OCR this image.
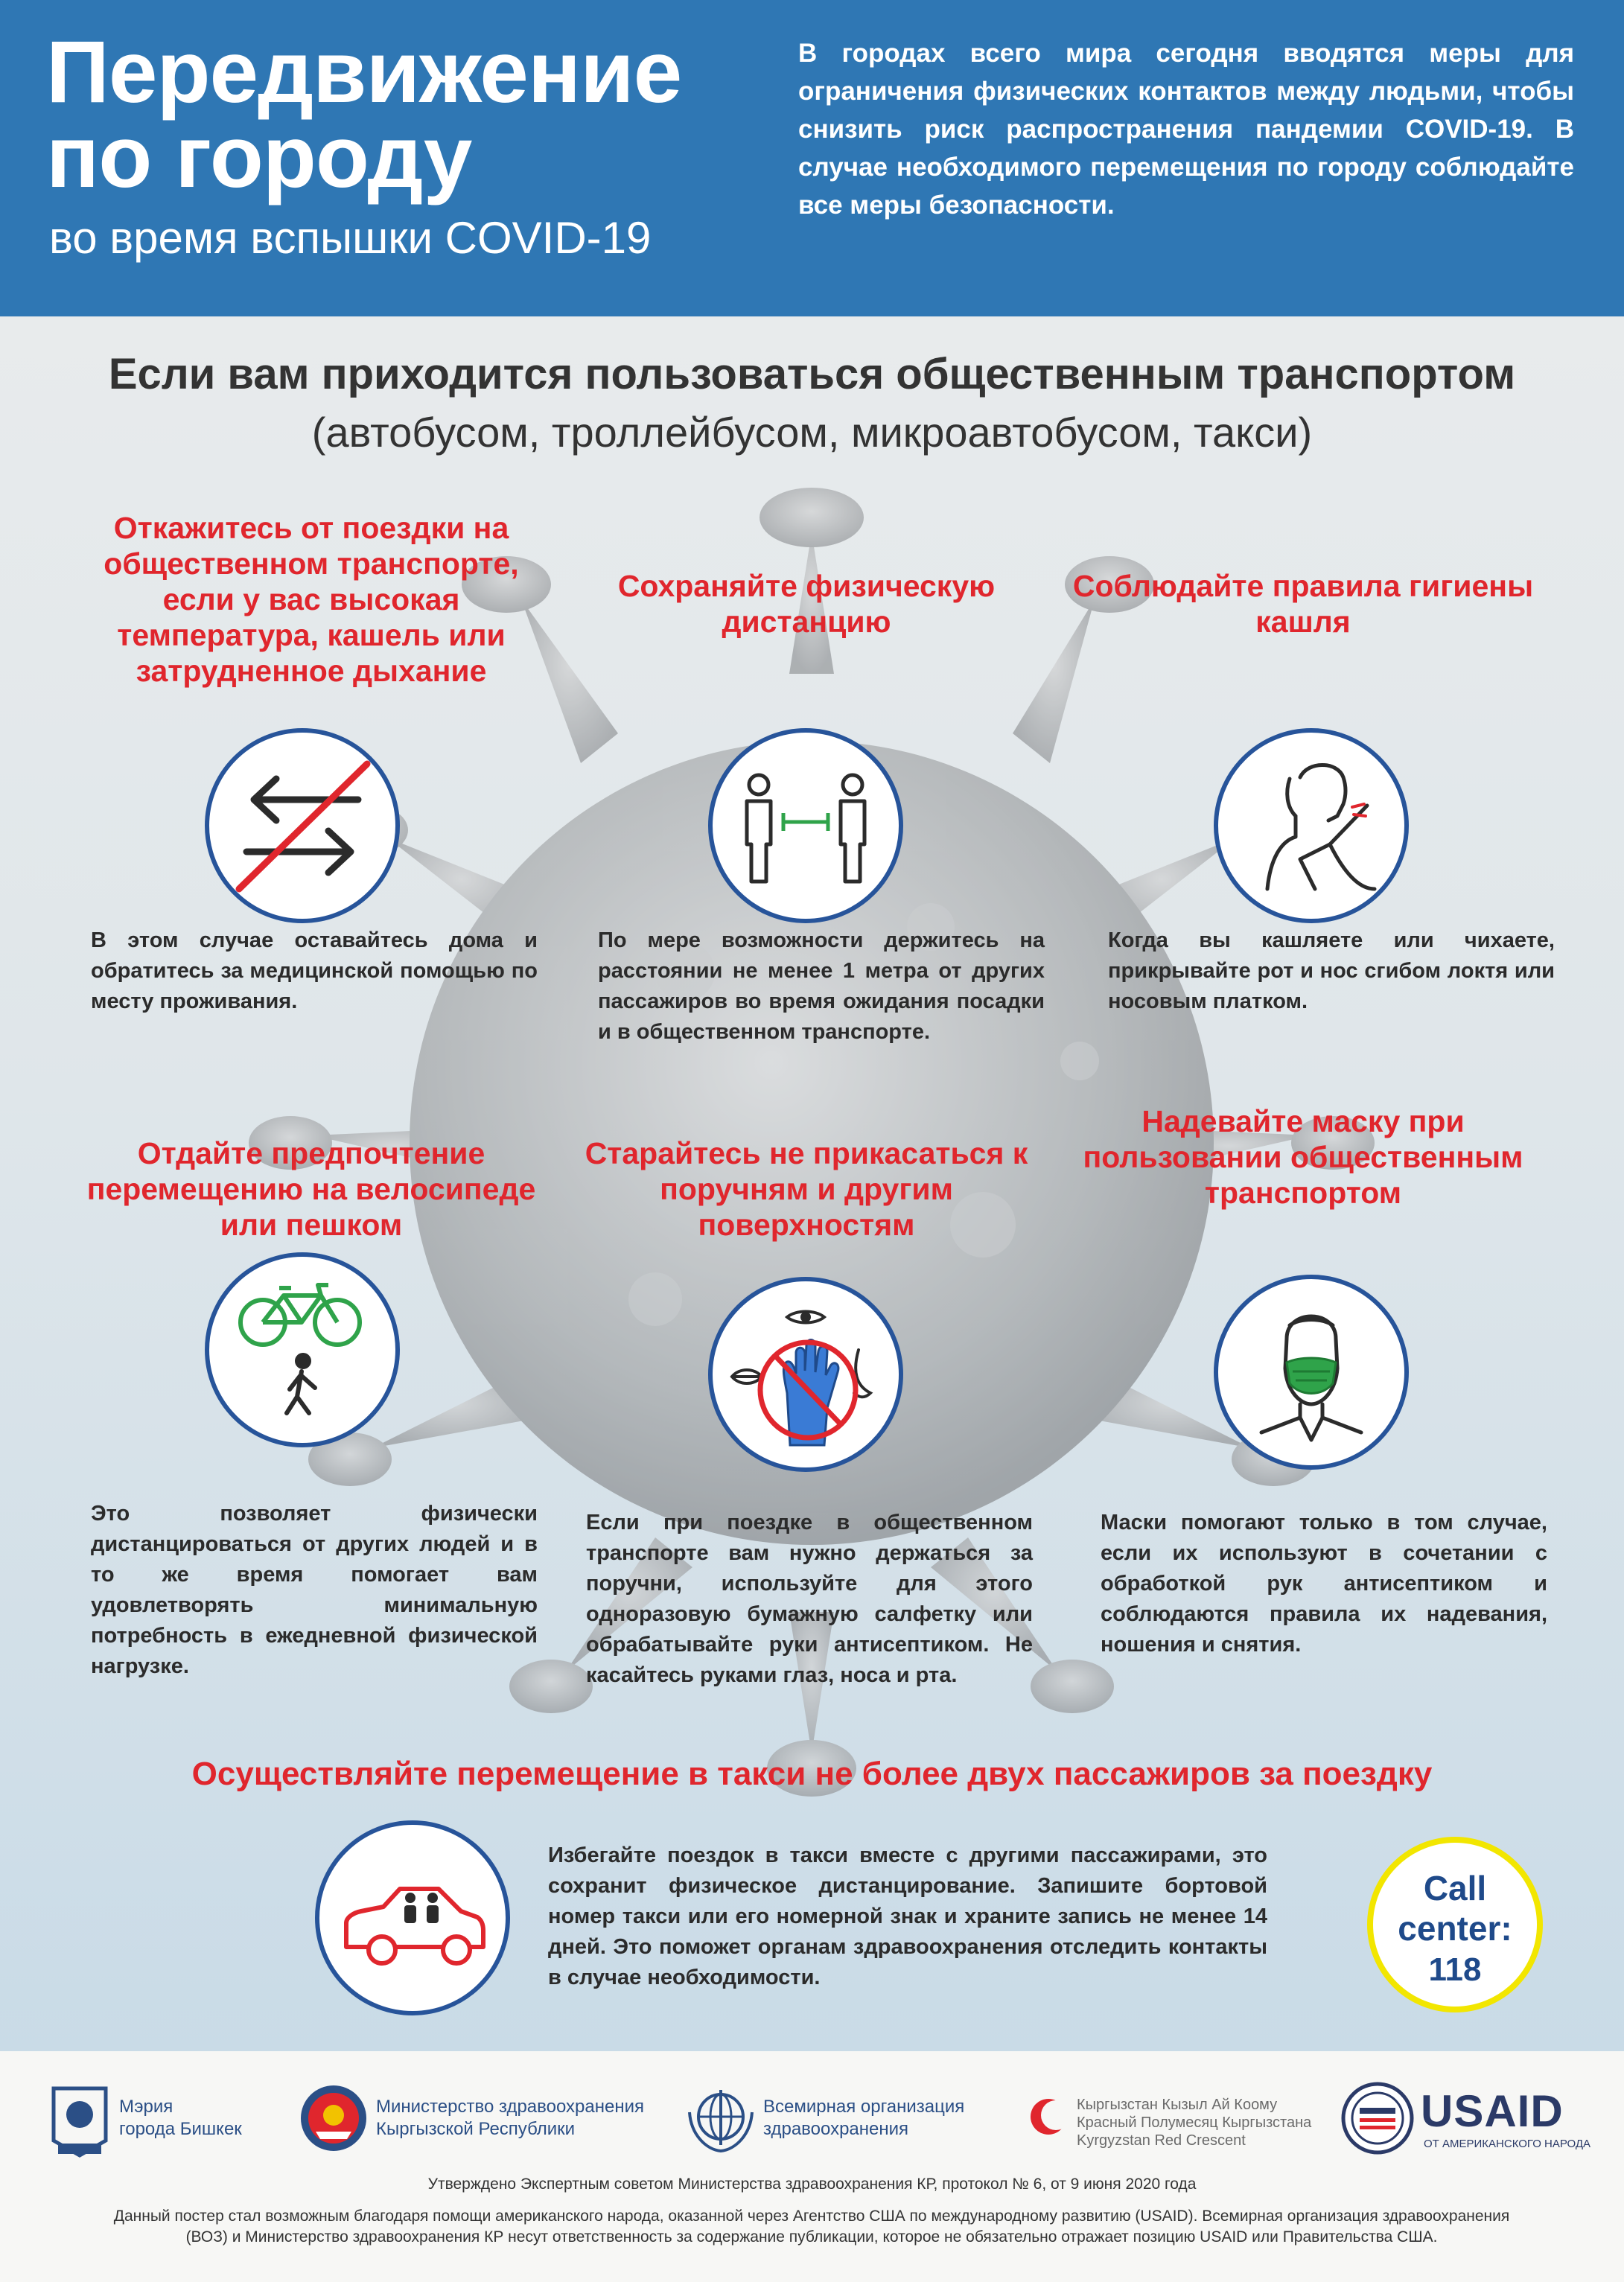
Передвижение
по городу
во время вспышки COVID-19
В городах всего мира сегодня вводятся меры для ограничения физических контактов между людьми, чтобы снизить риск распространения пандемии COVID-19. В случае необходимого перемещения по городу соблюдайте все меры безопасности.
Если вам приходится пользоваться общественным транспортом
(автобусом, троллейбусом, микроавтобусом, такси)
Откажитесь от поездки на общественном транспорте, если у вас высокая температура, кашель или затрудненное дыхание
В этом случае оставайтесь дома и обратитесь за медицинской помощью по месту проживания.
Сохраняйте физическую дистанцию
По мере возможности держитесь на расстоянии не менее 1 метра от других пассажиров во время ожидания посадки и в общественном транспорте.
Соблюдайте правила гигиены кашля
Когда вы кашляете или чихаете, прикрывайте рот и нос сгибом локтя или носовым платком.
Отдайте предпочтение перемещению на велосипеде или пешком
Это позволяет физически дистанцироваться от других людей и в то же время помогает вам удовлетворять минимальную потребность в ежедневной физической нагрузке.
Старайтесь не прикасаться к поручням и другим поверхностям
Если при поездке в общественном транспорте вам нужно держаться за поручни, используйте для этого одноразовую бумажную салфетку или обрабатывайте руки антисептиком. Не касайтесь руками глаз, носа и рта.
Надевайте маску при пользовании общественным транспортом
Маски помогают только в том случае, если их используют в сочетании с обработкой рук антисептиком и соблюдаются правила их надевания, ношения и снятия.
Осуществляйте перемещение в такси не более двух пассажиров за поездку
Избегайте поездок в такси вместе с другими пассажирами, это сохранит физическое дистанцирование. Запишите бортовой номер такси или его номерной знак и храните запись не менее 14 дней. Это поможет органам здравоохранения отследить контакты в случае необходимости.
Call center:
118
Мэрия
города Бишкек
Министерство здравоохранения
Кыргызской Республики
Всемирная организация
здравоохранения
Кыргызстан Кызыл Ай Коому
Красный Полумесяц Кыргызстана
Kyrgyzstan Red Crescent
USAID
ОТ АМЕРИКАНСКОГО НАРОДА
Утверждено Экспертным советом Министерства здравоохранения КР, протокол № 6, от 9 июня 2020 года
Данный постер стал возможным благодаря помощи американского народа, оказанной через Агентство США по международному развитию (USAID). Всемирная организация здравоохранения (ВОЗ) и Министерство здравоохранения КР несут ответственность за содержание публикации, которое не обязательно отражает позицию USAID или Правительства США.
